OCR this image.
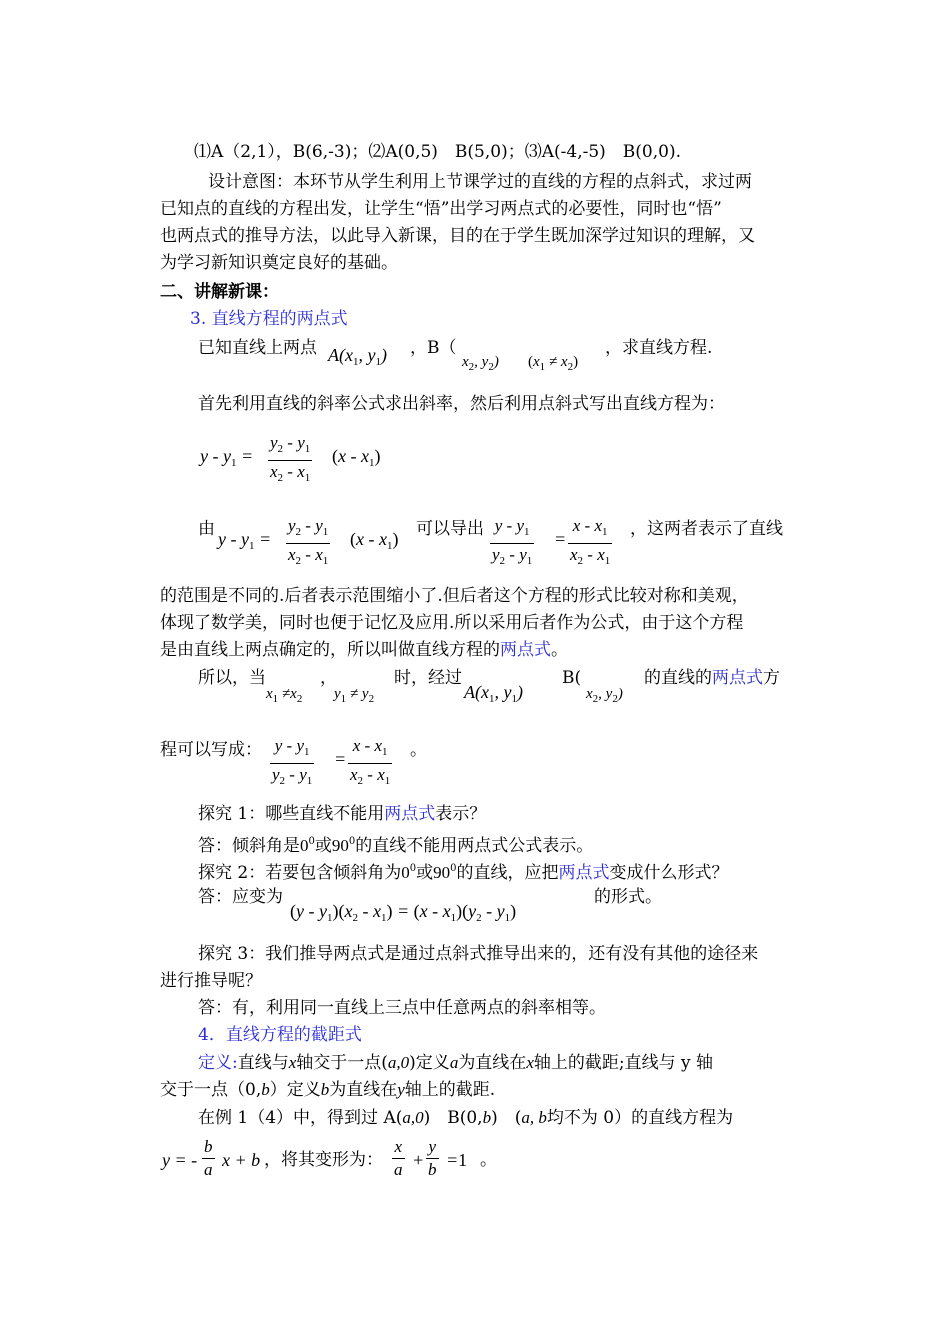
⑴A（2,1），B(6,-3)；⑵A(0,5)　B(5,0)；⑶A(-4,-5)　B(0,0).
设计意图：本环节从学生利用上节课学过的直线的方程的点斜式，求过两
已知点的直线的方程出发，让学生“悟”出学习两点式的必要性，同时也“悟”
也两点式的推导方法，以此导入新课，目的在于学生既加深学过知识的理解，又
为学习新知识奠定良好的基础。
二、讲解新课：
3. 直线方程的两点式
已知直线上两点 $A(x_1$, $y_1$) ，B（
$x_2$, $y_2$) $(x_1 \ne x_2)$
，求直线方程.
首先利用直线的斜率公式求出斜率，然后利用点斜式写出直线方程为：
$y - y_1 = \frac{y_2 - y_1}{x_2 - x_1} (x - x_1)$
由 $y - y_1 = \frac{y_2 - y_1}{x_2 - x_1} (x - x_1)$ 可以导出 $\frac{y - y_1}{y_2 - y_1} = \frac{x - x_1}{x_2 - x_1}$ ，这两者表示了直线
的范围是不同的.后者表示范围缩小了.但后者这个方程的形式比较对称和美观，
体现了数学美，同时也便于记忆及应用.所以采用后者作为公式，由于这个方程
是由直线上两点确定的，所以叫做直线方程的两点式。
所以，当
$x_1 \ne x_2$
，
$y_1 \ne y_2$
时，经过
$A(x_1$, $y_1$)
B(
$x_2$, $y_2$)
的直线的两点式方
程可以写成： $\frac{y - y_1}{y_2 - y_1} = \frac{x - x_1}{x_2 - x_1}$ 。
探究 1：哪些直线不能用两点式表示？
答：倾斜角是$0^0$或$90^0$的直线不能用两点式公式表示。
探究 2：若要包含倾斜角为$0^0$或$90^0$的直线，应把两点式变成什么形式？
答：应变为
$(y - y_1)(x_2 - x_1) = (x - x_1)(y_2 - y_1)$
的形式。
探究 3：我们推导两点式是通过点斜式推导出来的，还有没有其他的途径来
进行推导呢？
答：有，利用同一直线上三点中任意两点的斜率相等。
4．直线方程的截距式
定义:直线与x轴交于一点(a,0)定义a为直线在x轴上的截距;直线与 y 轴
交于一点（0,b）定义b为直线在y轴上的截距.
在例 1（4）中，得到过 A(a,0)　B(0,b)　(a, b均不为 0）的直线方程为
y = - $\frac{b}{a}$ x + b ，将其变形为： $\frac{x}{a} + \frac{y}{b} =1$ 。
